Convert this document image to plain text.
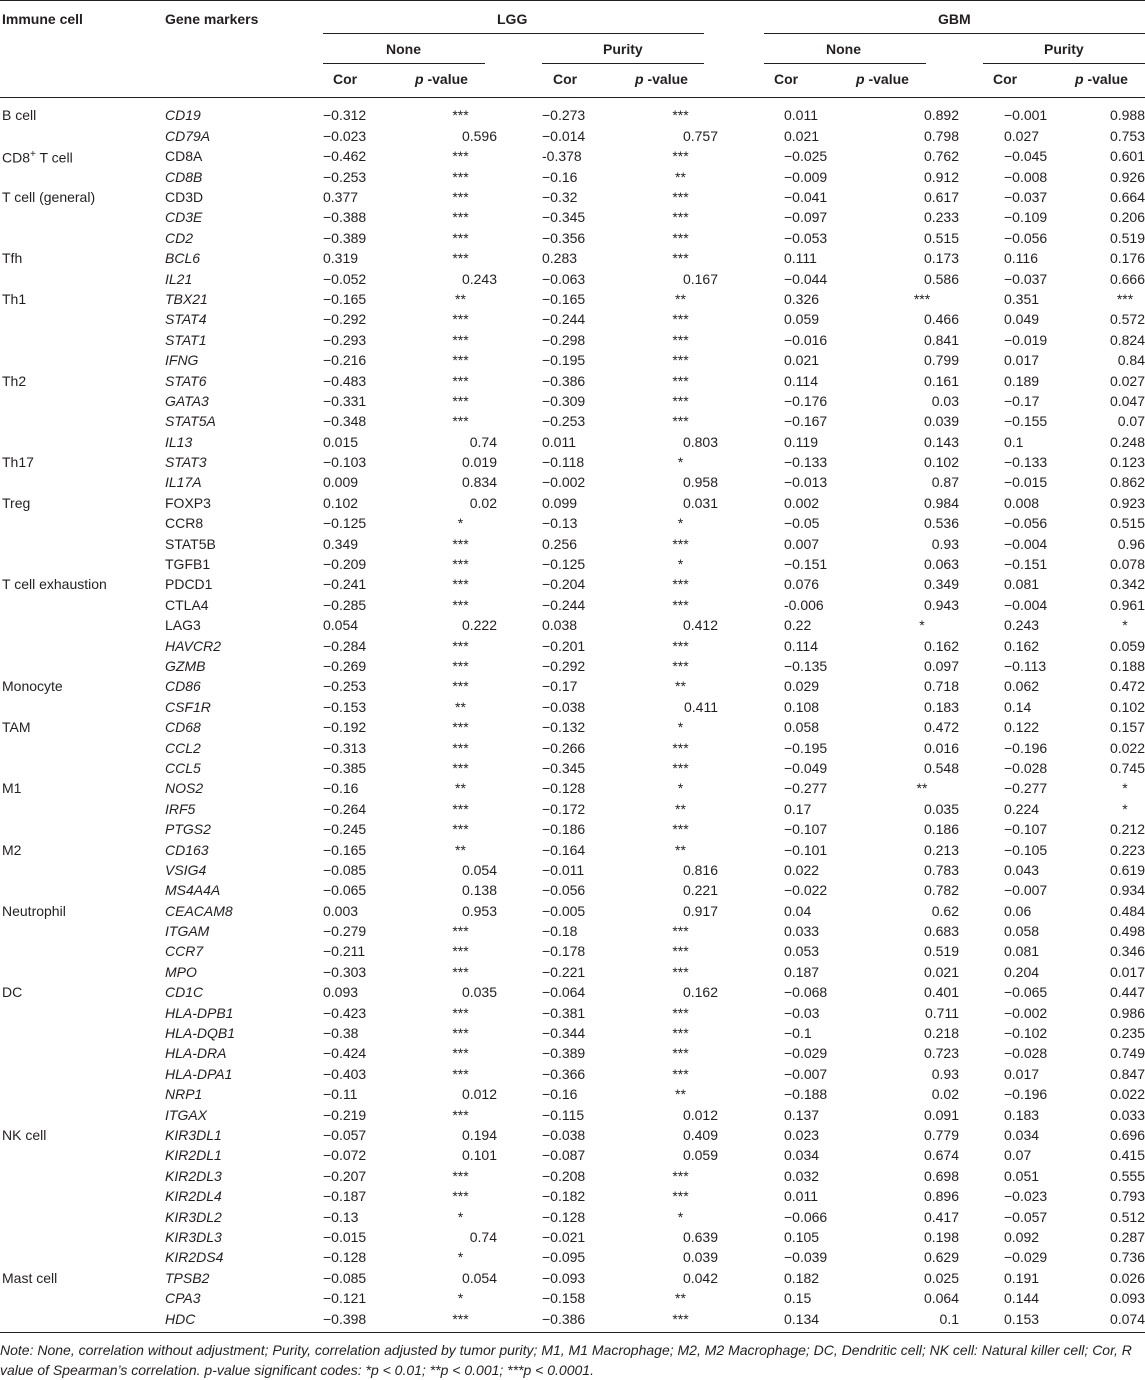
Immune cell	Gene markers	LGG	GBM
None	Purity	None	Purity
Cor	p -value	Cor	p -value	Cor	p -value	Cor	p -value
B cell	CD19	−0.312	***		−0.273	***		0.011	0.892		−0.001	0.988
	CD79A	−0.023	0.596		−0.014	0.757		0.021	0.798		0.027	0.753
CD8+ T cell	CD8A	−0.462	***		-0.378	***		−0.025	0.762		−0.045	0.601
	CD8B	−0.253	***		−0.16	**		−0.009	0.912		−0.008	0.926
T cell (general)	CD3D	0.377	***		−0.32	***		−0.041	0.617		−0.037	0.664
	CD3E	−0.388	***		−0.345	***		−0.097	0.233		−0.109	0.206
	CD2	−0.389	***		−0.356	***		−0.053	0.515		−0.056	0.519
Tfh	BCL6	0.319	***		0.283	***		0.111	0.173		0.116	0.176
	IL21	−0.052	0.243		−0.063	0.167		−0.044	0.586		−0.037	0.666
Th1	TBX21	−0.165	**		−0.165	**		0.326	***		0.351	***
	STAT4	−0.292	***		−0.244	***		0.059	0.466		0.049	0.572
	STAT1	−0.293	***		−0.298	***		−0.016	0.841		−0.019	0.824
	IFNG	−0.216	***		−0.195	***		0.021	0.799		0.017	0.84
Th2	STAT6	−0.483	***		−0.386	***		0.114	0.161		0.189	0.027
	GATA3	−0.331	***		−0.309	***		−0.176	0.03		−0.17	0.047
	STAT5A	−0.348	***		−0.253	***		−0.167	0.039		−0.155	0.07
	IL13	0.015	0.74		0.011	0.803		0.119	0.143		0.1	0.248
Th17	STAT3	−0.103	0.019		−0.118	*		−0.133	0.102		−0.133	0.123
	IL17A	0.009	0.834		−0.002	0.958		−0.013	0.87		−0.015	0.862
Treg	FOXP3	0.102	0.02		0.099	0.031		0.002	0.984		0.008	0.923
	CCR8	−0.125	*		−0.13	*		−0.05	0.536		−0.056	0.515
	STAT5B	0.349	***		0.256	***		0.007	0.93		−0.004	0.96
	TGFB1	−0.209	***		−0.125	*		−0.151	0.063		−0.151	0.078
T cell exhaustion	PDCD1	−0.241	***		−0.204	***		0.076	0.349		0.081	0.342
	CTLA4	−0.285	***		−0.244	***		-0.006	0.943		−0.004	0.961
	LAG3	0.054	0.222		0.038	0.412		0.22	*		0.243	*
	HAVCR2	−0.284	***		−0.201	***		0.114	0.162		0.162	0.059
	GZMB	−0.269	***		−0.292	***		−0.135	0.097		−0.113	0.188
Monocyte	CD86	−0.253	***		−0.17	**		0.029	0.718		0.062	0.472
	CSF1R	−0.153	**		−0.038	0.411		0.108	0.183		0.14	0.102
TAM	CD68	−0.192	***		−0.132	*		0.058	0.472		0.122	0.157
	CCL2	−0.313	***		−0.266	***		−0.195	0.016		−0.196	0.022
	CCL5	−0.385	***		−0.345	***		−0.049	0.548		−0.028	0.745
M1	NOS2	−0.16	**		−0.128	*		−0.277	**		−0.277	*
	IRF5	−0.264	***		−0.172	**		0.17	0.035		0.224	*
	PTGS2	−0.245	***		−0.186	***		−0.107	0.186		−0.107	0.212
M2	CD163	−0.165	**		−0.164	**		−0.101	0.213		−0.105	0.223
	VSIG4	−0.085	0.054		−0.011	0.816		0.022	0.783		0.043	0.619
	MS4A4A	−0.065	0.138		−0.056	0.221		−0.022	0.782		−0.007	0.934
Neutrophil	CEACAM8	0.003	0.953		−0.005	0.917		0.04	0.62		0.06	0.484
	ITGAM	−0.279	***		−0.18	***		0.033	0.683		0.058	0.498
	CCR7	−0.211	***		−0.178	***		0.053	0.519		0.081	0.346
	MPO	−0.303	***		−0.221	***		0.187	0.021		0.204	0.017
DC	CD1C	0.093	0.035		−0.064	0.162		−0.068	0.401		−0.065	0.447
	HLA-DPB1	−0.423	***		−0.381	***		−0.03	0.711		−0.002	0.986
	HLA-DQB1	−0.38	***		−0.344	***		−0.1	0.218		−0.102	0.235
	HLA-DRA	−0.424	***		−0.389	***		−0.029	0.723		−0.028	0.749
	HLA-DPA1	−0.403	***		−0.366	***		−0.007	0.93		0.017	0.847
	NRP1	−0.11	0.012		−0.16	**		−0.188	0.02		−0.196	0.022
	ITGAX	−0.219	***		−0.115	0.012		0.137	0.091		0.183	0.033
NK cell	KIR3DL1	−0.057	0.194		−0.038	0.409		0.023	0.779		0.034	0.696
	KIR2DL1	−0.072	0.101		−0.087	0.059		0.034	0.674		0.07	0.415
	KIR2DL3	−0.207	***		−0.208	***		0.032	0.698		0.051	0.555
	KIR2DL4	−0.187	***		−0.182	***		0.011	0.896		−0.023	0.793
	KIR3DL2	−0.13	*		−0.128	*		−0.066	0.417		−0.057	0.512
	KIR3DL3	−0.015	0.74		−0.021	0.639		0.105	0.198		0.092	0.287
	KIR2DS4	−0.128	*		−0.095	0.039		−0.039	0.629		−0.029	0.736
Mast cell	TPSB2	−0.085	0.054		−0.093	0.042		0.182	0.025		0.191	0.026
	CPA3	−0.121	*		−0.158	**		0.15	0.064		0.144	0.093
	HDC	−0.398	***		−0.386	***		0.134	0.1		0.153	0.074
Note: None, correlation without adjustment; Purity, correlation adjusted by tumor purity; M1, M1 Macrophage; M2, M2 Macrophage; DC, Dendritic cell; NK cell: Natural killer cell; Cor, R value of Spearman’s correlation. p-value significant codes: *p < 0.01; **p < 0.001; ***p < 0.0001.
